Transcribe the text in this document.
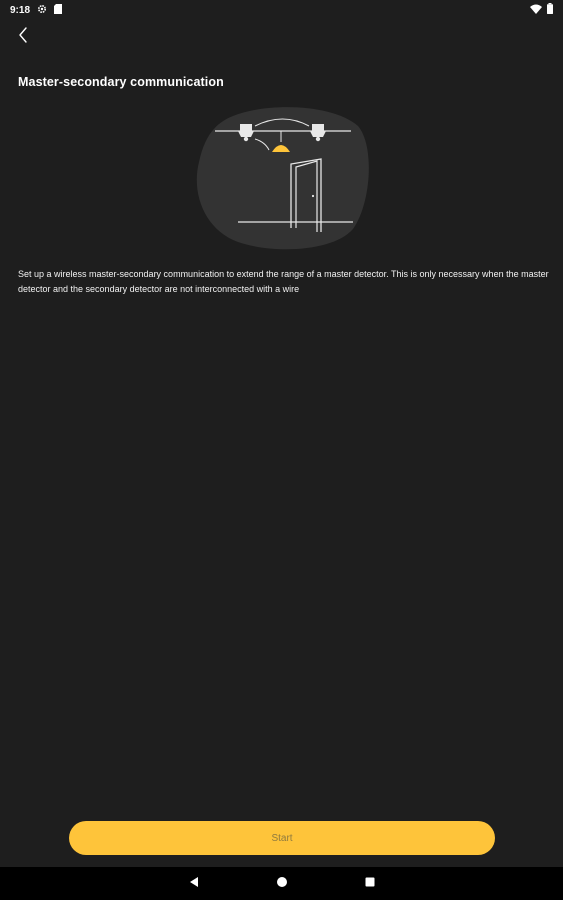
9:18
Master-secondary communication

Set up a wireless master-secondary communication to extend the range of a master detector. This is only necessary when the master detector and the secondary detector are not interconnected with a wire

Start
